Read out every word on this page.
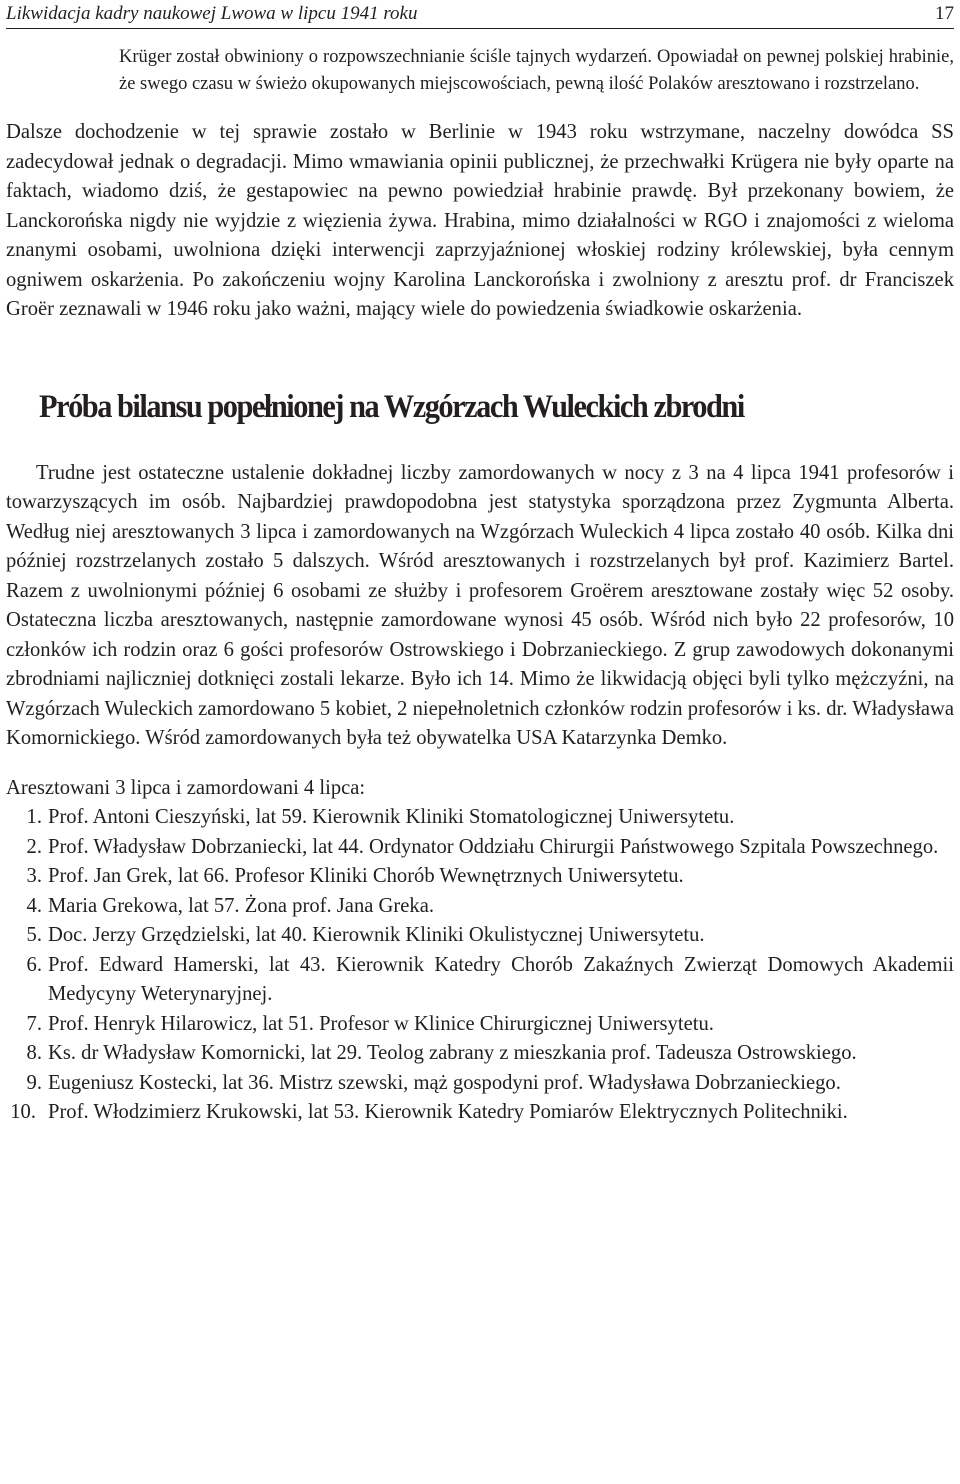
Likwidacja kadry naukowej Lwowa w lipcu 1941 roku	17

Krüger został obwiniony o rozpowszechnianie ściśle tajnych wydarzeń. Opowiadał on pewnej polskiej hrabinie, że swego czasu w świeżo okupowanych miejscowościach, pewną ilość Polaków aresztowano i rozstrzelano.

Dalsze dochodzenie w tej sprawie zostało w Berlinie w 1943 roku wstrzymane, naczelny dowódca SS zadecydował jednak o degradacji. Mimo wmawiania opinii publicznej, że przechwałki Krügera nie były oparte na faktach, wiadomo dziś, że gestapowiec na pewno powiedział hrabinie prawdę. Był przekonany bowiem, że Lanckorońska nigdy nie wyjdzie z więzienia żywa. Hrabina, mimo działalności w RGO i znajomości z wieloma znanymi osobami, uwolniona dzięki interwencji zaprzyjaźnionej włoskiej rodziny królewskiej, była cennym ogniwem oskarżenia. Po zakończeniu wojny Karolina Lanckorońska i zwolniony z aresztu prof. dr Franciszek Groër zeznawali w 1946 roku jako ważni, mający wiele do powiedzenia świadkowie oskarżenia.

Próba bilansu popełnionej na Wzgórzach Wuleckich zbrodni

Trudne jest ostateczne ustalenie dokładnej liczby zamordowanych w nocy z 3 na 4 lipca 1941 profesorów i towarzyszących im osób. Najbardziej prawdopodobna jest statystyka sporządzona przez Zygmunta Alberta. Według niej aresztowanych 3 lipca i zamordowanych na Wzgórzach Wuleckich 4 lipca zostało 40 osób. Kilka dni później rozstrzelanych zostało 5 dalszych. Wśród aresztowanych i rozstrzelanych był prof. Kazimierz Bartel. Razem z uwolnionymi później 6 osobami ze służby i profesorem Groërem aresztowane zostały więc 52 osoby. Ostateczna liczba aresztowanych, następnie zamordowane wynosi 45 osób. Wśród nich było 22 profesorów, 10 członków ich rodzin oraz 6 gości profesorów Ostrowskiego i Dobrzanieckiego. Z grup zawodowych dokonanymi zbrodniami najliczniej dotknięci zostali lekarze. Było ich 14. Mimo że likwidacją objęci byli tylko mężczyźni, na Wzgórzach Wuleckich zamordowano 5 kobiet, 2 niepełnoletnich członków rodzin profesorów i ks. dr. Władysława Komornickiego. Wśród zamordowanych była też obywatelka USA Katarzynka Demko.

Aresztowani 3 lipca i zamordowani 4 lipca:

1. Prof. Antoni Cieszyński, lat 59. Kierownik Kliniki Stomatologicznej Uniwersytetu.
2. Prof. Władysław Dobrzaniecki, lat 44. Ordynator Oddziału Chirurgii Państwowego Szpitala Powszechnego.
3. Prof. Jan Grek, lat 66. Profesor Kliniki Chorób Wewnętrznych Uniwersytetu.
4. Maria Grekowa, lat 57. Żona prof. Jana Greka.
5. Doc. Jerzy Grzędzielski, lat 40. Kierownik Kliniki Okulistycznej Uniwersytetu.
6. Prof. Edward Hamerski, lat 43. Kierownik Katedry Chorób Zakaźnych Zwierząt Domowych Akademii Medycyny Weterynaryjnej.
7. Prof. Henryk Hilarowicz, lat 51. Profesor w Klinice Chirurgicznej Uniwersytetu.
8. Ks. dr Władysław Komornicki, lat 29. Teolog zabrany z mieszkania prof. Tadeusza Ostrowskiego.
9. Eugeniusz Kostecki, lat 36. Mistrz szewski, mąż gospodyni prof. Władysława Dobrzanieckiego.
10. Prof. Włodzimierz Krukowski, lat 53. Kierownik Katedry Pomiarów Elektrycznych Politechniki.
